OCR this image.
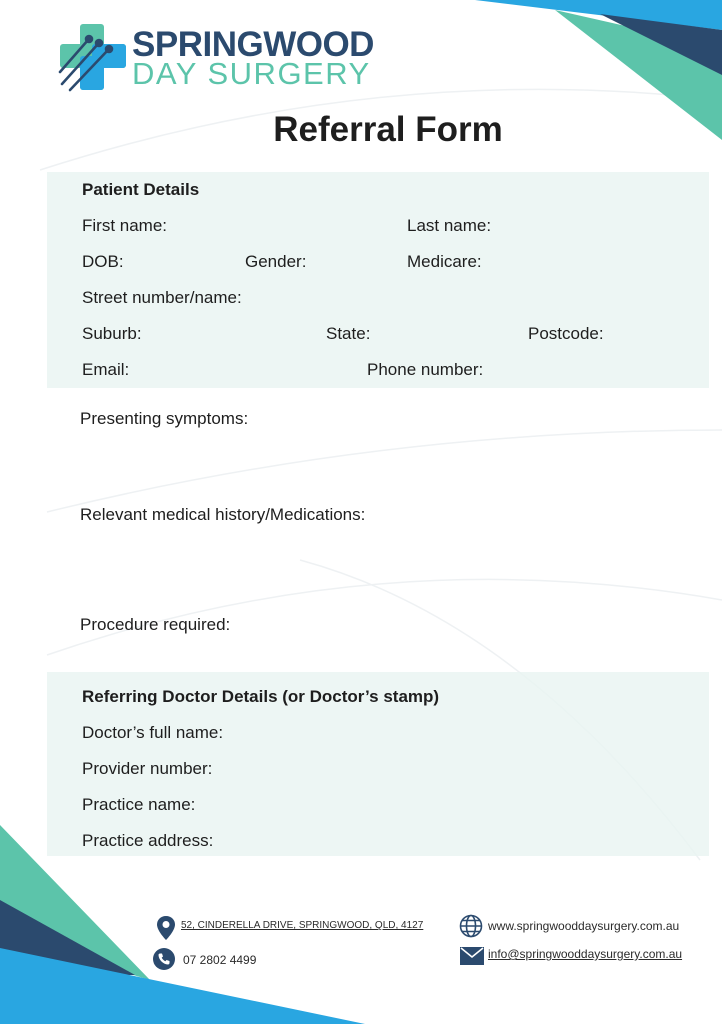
SPRINGWOOD
DAY SURGERY
Referral Form
Patient Details
First name:	Last name:
DOB:	Gender:	Medicare:
Street number/name:
Suburb:	State:	Postcode:
Email:	Phone number:
Presenting symptoms:
Relevant medical history/Medications:
Procedure required:
Referring Doctor Details (or Doctor’s stamp)
Doctor’s full name:
Provider number:
Practice name:
Practice address:
52, CINDERELLA DRIVE, SPRINGWOOD, QLD, 4127
07 2802 4499
www.springwooddaysurgery.com.au
info@springwooddaysurgery.com.au
